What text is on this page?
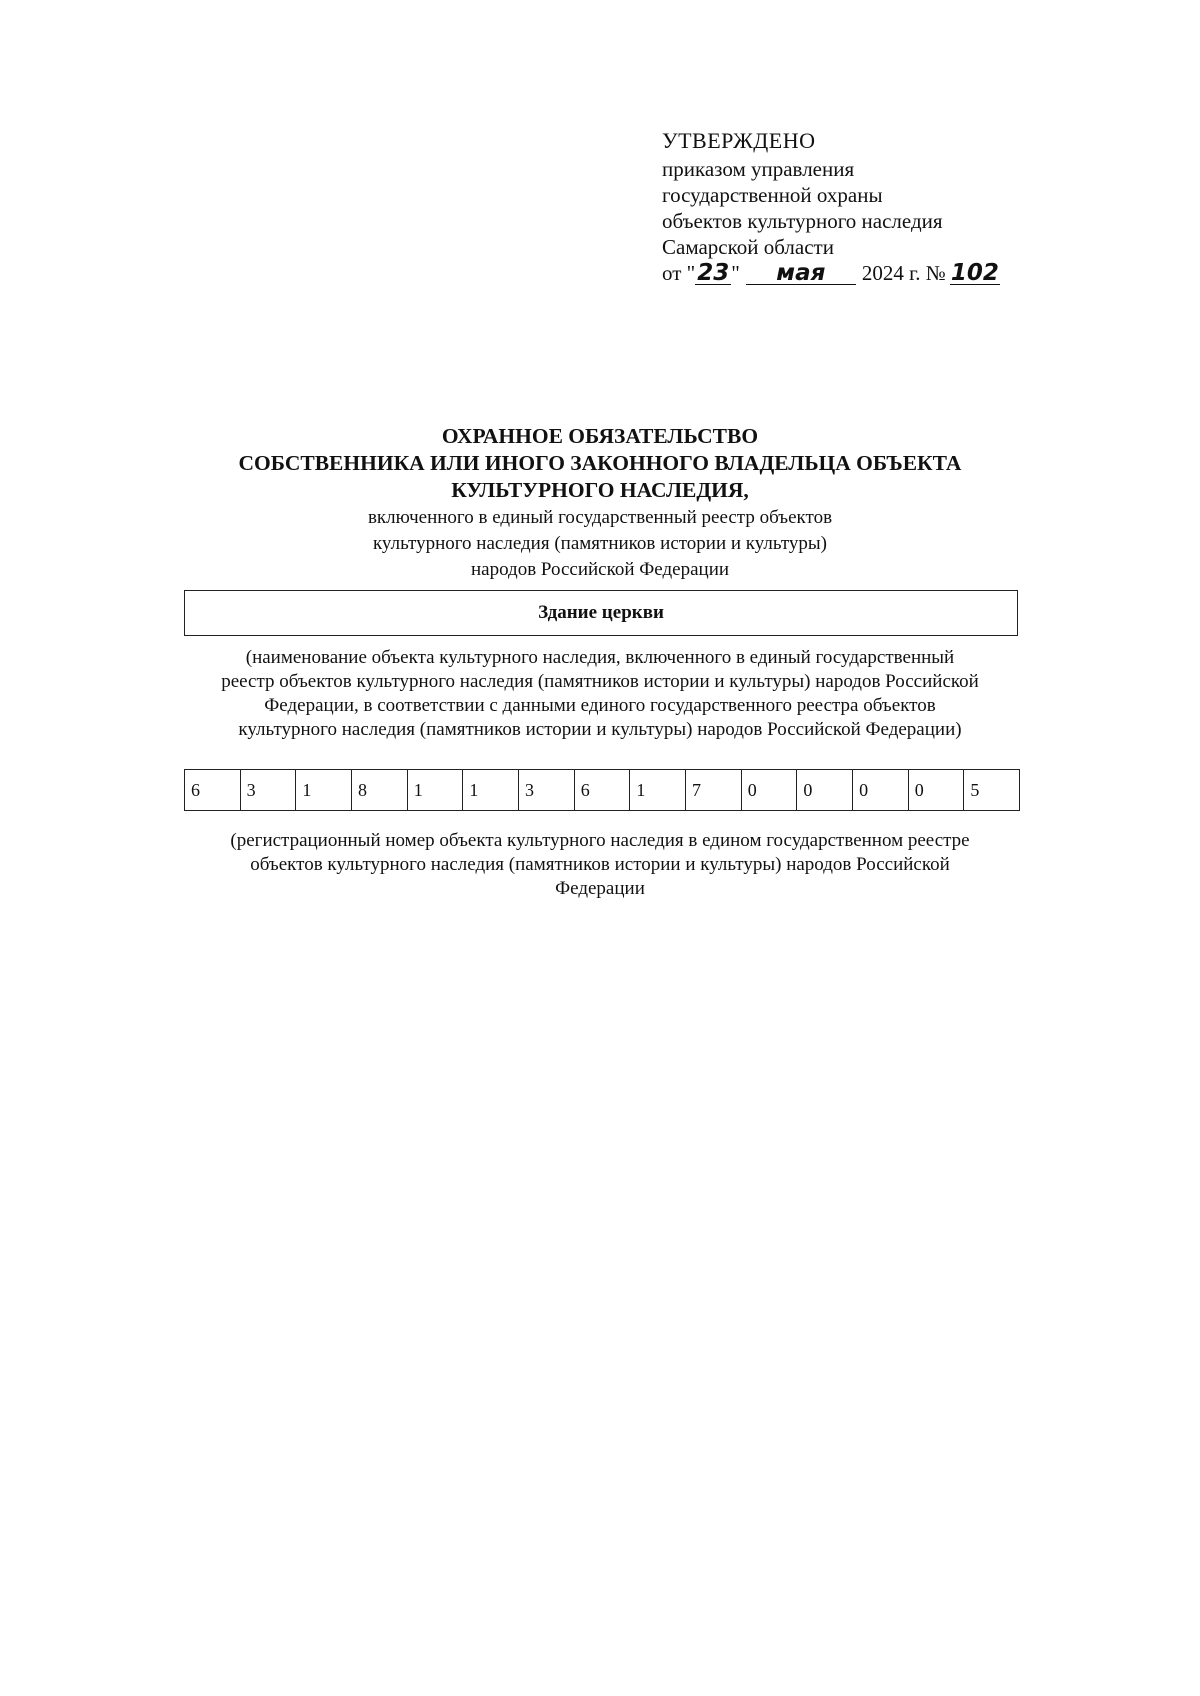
УТВЕРЖДЕНО
приказом управления
государственной охраны
объектов культурного наследия
Самарской области
от " 23 "	мая	2024 г. № 102
ОХРАННОЕ ОБЯЗАТЕЛЬСТВО
СОБСТВЕННИКА ИЛИ ИНОГО ЗАКОННОГО ВЛАДЕЛЬЦА ОБЪЕКТА
КУЛЬТУРНОГО НАСЛЕДИЯ,
включенного в единый государственный реестр объектов
культурного наследия (памятников истории и культуры)
народов Российской Федерации
Здание церкви
(наименование объекта культурного наследия, включенного в единый государственный
реестр объектов культурного наследия (памятников истории и культуры) народов Российской
Федерации, в соответствии с данными единого государственного реестра объектов
культурного наследия (памятников истории и культуры) народов Российской Федерации)
6	3	1	8	1	1	3	6	1	7	0	0	0	0	5
(регистрационный номер объекта культурного наследия в едином государственном реестре
объектов культурного наследия (памятников истории и культуры) народов Российской
Федерации
